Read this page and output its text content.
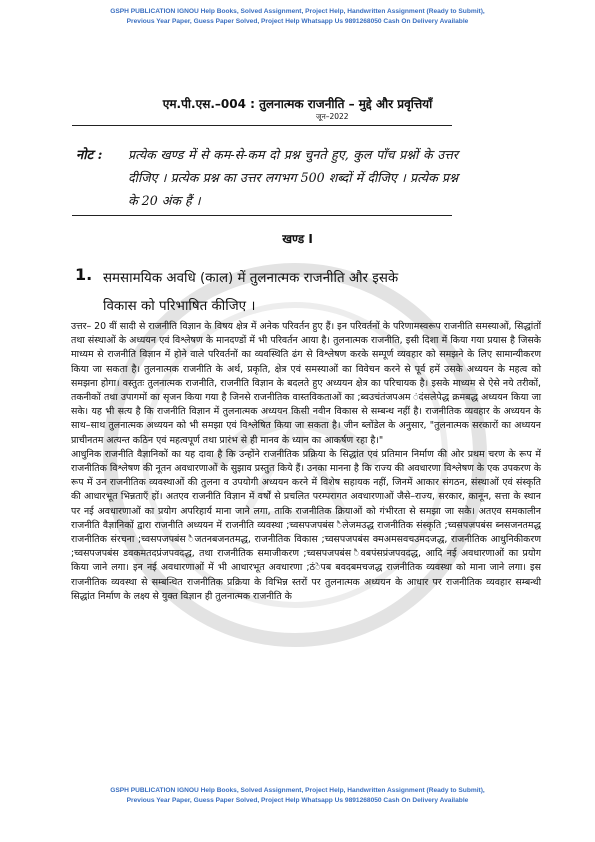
GSPH PUBLICATION IGNOU Help Books, Solved Assignment, Project Help, Handwritten Assignment (Ready to Submit),
Previous Year Paper, Guess Paper Solved, Project Help Whatsapp Us 9891268050 Cash On Delivery Available
एम.पी.एस.–004 : तुलनात्मक राजनीति – मुद्दे और प्रवृत्तियाँ
जून–2022
नोट : प्रत्येक खण्ड में से कम-से-कम दो प्रश्न चुनते हुए, कुल पाँच प्रश्नों के उत्तर दीजिए । प्रत्येक प्रश्न का उत्तर लगभग 500 शब्दों में दीजिए । प्रत्येक प्रश्न के 20 अंक हैं ।
खण्ड I
1. समसामयिक अवधि (काल) में तुलनात्मक राजनीति और इसके विकास को परिभाषित कीजिए ।

उत्तर– 20 वीं सादी से राजनीति विज्ञान के विषय क्षेत्र में अनेक परिवर्तन हुए हैं। इन परिवर्तनों के परिणामस्वरूप राजनीति समस्याओं, सिद्धांतों तथा संस्थाओं के अध्ययन एवं विश्लेषण के मानदण्डों में भी परिवर्तन आया है। तुलनात्मक राजनीति, इसी दिशा में किया गया प्रयास है जिसके माध्यम से राजनीति विज्ञान में होने वाले परिवर्तनों का व्यवस्थिति ढंग से विश्लेषण करके सम्पूर्ण व्यवहार को समझने के लिए सामान्यीकरण किया जा सकता है। तुलनात्मक राजनीति के अर्थ, प्रकृति, क्षेत्र एवं समस्याओं का विवेचन करने से पूर्व हमें उसके अध्ययन के महत्व को समझना होगा। वस्तुतः तुलनात्मक राजनीति, राजनीति विज्ञान के बदलते हुए अध्ययन क्षेत्र का परिचायक है। इसके माध्यम से ऐसे नये तरीकों, तकनीकों तथा उपागमों का सृजन किया गया है जिनसे राजनीतिक वास्तविकताओं का ;ब्वउचंतंजपअम ंदंसलेपेद्ध क्रमबद्ध अध्ययन किया जा सके। यह भी सत्य है कि राजनीति विज्ञान में तुलनात्मक अध्ययन किसी नवीन विकास से सम्बन्ध नहीं है। राजनीतिक व्यवहार के अध्ययन के साथ–साथ तुलनात्मक अध्ययन को भी समझा एवं विश्लेषित किया जा सकता है। जीन ब्लोंडेल के अनुसार, "तुलनात्मक सरकारों का अध्ययन प्राचीनतम अत्यन्त कठिन एवं महत्वपूर्ण तथा प्रारंभ से ही मानव के ध्यान का आकर्षण रहा है।"

आधुनिक राजनीति वैज्ञानिकों का यह दावा है कि उन्होंने राजनीतिक प्रक्रिया के सिद्धांत एवं प्रतिमान निर्माण की ओर प्रथम चरण के रूप में राजनीतिक विश्लेषण की नूतन अवधारणाओं के सुझाव प्रस्तुत किये हैं। उनका मानना है कि राज्य की अवधारणा विश्लेषण के एक उपकरण के रूप में उन राजनीतिक व्यवस्थाओं की तुलना व उपयोगी अध्ययन करने में विशेष सहायक नहीं, जिनमें आकार संगठन, संस्थाओं एवं संस्कृति की आधारभूत भिन्नताएँ हों। अतएव राजनीति विज्ञान में वर्षों से प्रचलित परम्परागत अवधारणाओं जैसे–राज्य, सरकार, कानून, सत्ता के स्थान पर नई अवधारणाओं का प्रयोग अपरिहार्य माना जाने लगा, ताकि राजनीतिक क्रियाओं को गंभीरता से समझा जा सके। अतएव समकालीन राजनीति वैज्ञानिकों द्वारा राजनीति अध्ययन में राजनीति व्यवस्था ;च्वसपजपबंस ैलेजमउद्ध राजनीतिक संस्कृति ;च्वसपजपबंस ब्नसजनतमद्ध राजनीतिक संरचना ;च्वसपजपबंस ैजतनबजनतमद्ध, राजनीतिक विकास ;च्वसपजपबंस क्मअमसवचउमदजद्ध, राजनीतिक आधुनिकीकरण ;च्वसपजपबंस डवकमतदप्रंजपवदद्ध, तथा राजनीतिक समाजीकरण ;च्वसपजपबंस ैवबपंसप्रंजपवदद्ध, आदि नई अवधारणाओं का प्रयोग किया जाने लगा। इन नई अवधारणाओं में भी आधारभूत अवधारणा ;ठंेपब बवदबमचजद्ध राजनीतिक व्यवस्था को माना जाने लगा। इस राजनीतिक व्यवस्था से सम्बन्धित राजनीतिक प्रक्रिया के विभिन्न स्तरों पर तुलनात्मक अध्ययन के आधार पर राजनीतिक व्यवहार सम्बन्धी सिद्धांत निर्माण के लक्ष्य से युक्त विज्ञान ही तुलनात्मक राजनीति के

GSPH PUBLICATION IGNOU Help Books, Solved Assignment, Project Help, Handwritten Assignment (Ready to Submit),
Previous Year Paper, Guess Paper Solved, Project Help Whatsapp Us 9891268050 Cash On Delivery Available
